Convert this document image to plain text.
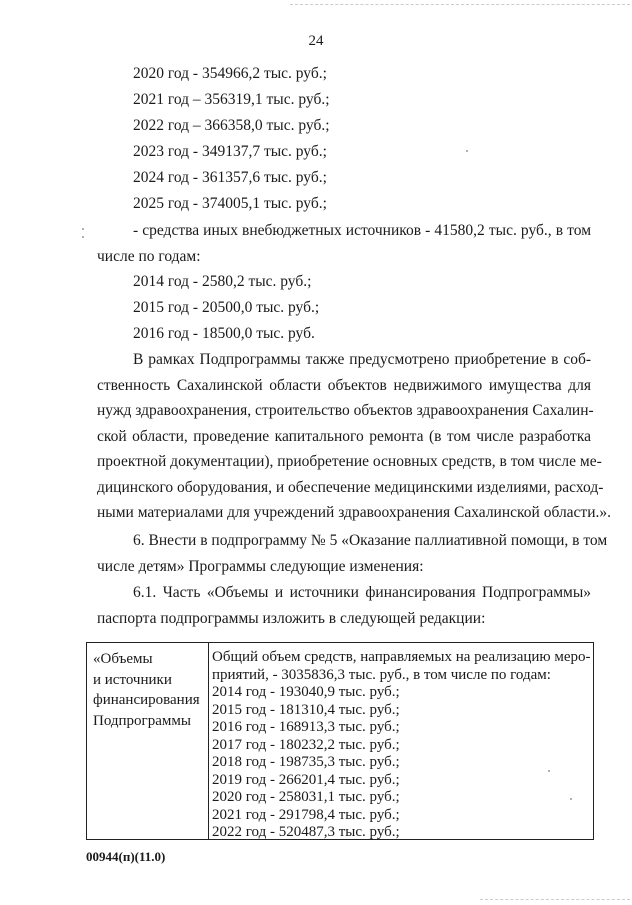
24
2020 год - 354966,2 тыс. руб.;
2021 год – 356319,1 тыс. руб.;
2022 год – 366358,0 тыс. руб.;
2023 год - 349137,7 тыс. руб.;
2024 год - 361357,6 тыс. руб.;
2025 год - 374005,1 тыс. руб.;
- средства иных внебюджетных источников - 41580,2 тыс. руб., в том
числе по годам:
2014 год - 2580,2 тыс. руб.;
2015 год - 20500,0 тыс. руб.;
2016 год - 18500,0 тыс. руб.
В рамках Подпрограммы также предусмотрено приобретение в соб-
ственность Сахалинской области объектов недвижимого имущества для
нужд здравоохранения, строительство объектов здравоохранения Сахалин-
ской области, проведение капитального ремонта (в том числе разработка
проектной документации), приобретение основных средств, в том числе ме-
дицинского оборудования, и обеспечение медицинскими изделиями, расход-
ными материалами для учреждений здравоохранения Сахалинской области.».
6. Внести в подпрограмму № 5 «Оказание паллиативной помощи, в том
числе детям» Программы следующие изменения:
6.1. Часть «Объемы и источники финансирования Подпрограммы»
паспорта подпрограммы изложить в следующей редакции:
«Объемы
и источники
финансирования
Подпрограммы
Общий объем средств, направляемых на реализацию меро-
приятий, - 3035836,3 тыс. руб., в том числе по годам:
2014 год - 193040,9 тыс. руб.;
2015 год - 181310,4 тыс. руб.;
2016 год - 168913,3 тыс. руб.;
2017 год - 180232,2 тыс. руб.;
2018 год - 198735,3 тыс. руб.;
2019 год - 266201,4 тыс. руб.;
2020 год - 258031,1 тыс. руб.;
2021 год - 291798,4 тыс. руб.;
2022 год - 520487,3 тыс. руб.;
00944(п)(11.0)
